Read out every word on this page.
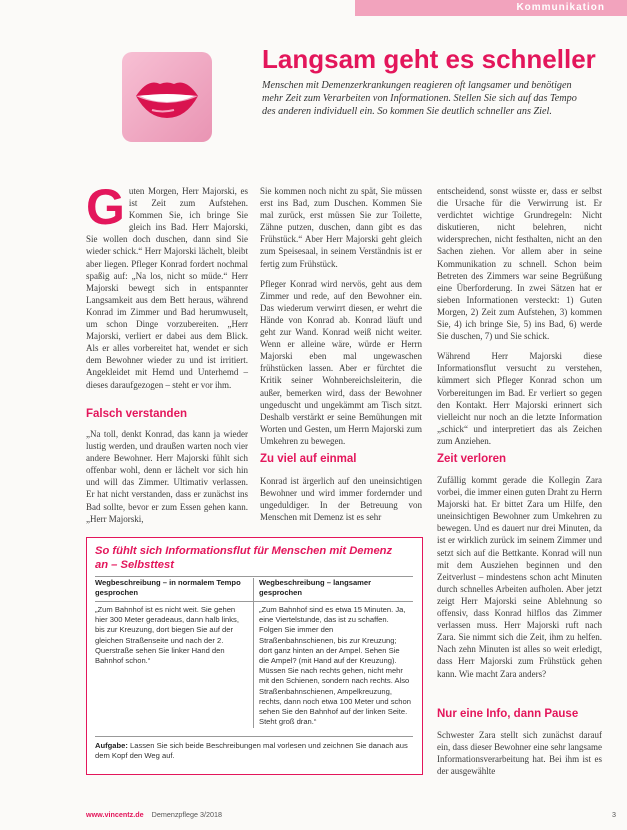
Kommunikation
Langsam geht es schneller

Menschen mit Demenzerkrankungen reagieren oft langsamer und benötigen mehr Zeit zum Verarbeiten von Informationen. Stellen Sie sich auf das Tempo des anderen individuell ein. So kommen Sie deutlich schneller ans Ziel.

G uten Morgen, Herr Majorski, es ist Zeit zum Aufstehen. Kommen Sie, ich bringe Sie gleich ins Bad. Herr Majorski, Sie wollen doch duschen, dann sind Sie wieder schick.“ Herr Majorski lächelt, bleibt aber liegen. Pfleger Konrad fordert nochmal spaßig auf: „Na los, nicht so müde.“ Herr Majorski bewegt sich in entspannter Langsamkeit aus dem Bett heraus, während Konrad im Zimmer und Bad herumwuselt, um schon Dinge vorzubereiten. „Herr Majorski, verliert er dabei aus dem Blick. Als er alles vorbereitet hat, wendet er sich dem Bewohner wieder zu und ist irritiert. Angekleidet mit Hemd und Unterhemd – dieses daraufgezogen – steht er vor ihm.

Falsch verstanden

„Na toll, denkt Konrad, das kann ja wieder lustig werden, und draußen warten noch vier andere Bewohner. Herr Majorski fühlt sich offenbar wohl, denn er lächelt vor sich hin und will das Zimmer. Ultimativ verlassen. Er hat nicht verstanden, dass er zunächst ins Bad sollte, bevor er zum Essen gehen kann. „Herr Majorski,

Sie kommen noch nicht zu spät, Sie müssen erst ins Bad, zum Duschen. Kommen Sie mal zurück, erst müssen Sie zur Toilette, Zähne putzen, duschen, dann gibt es das Frühstück.“ Aber Herr Majorski geht gleich zum Speisesaal, in seinem Verständnis ist er fertig zum Frühstück.

Pfleger Konrad wird nervös, geht aus dem Zimmer und rede, auf den Bewohner ein. Das wiederum verwirrt diesen, er wehrt die Hände von Konrad ab. Konrad läuft und geht zur Wand. Konrad weiß nicht weiter. Wenn er alleine wäre, würde er Herrn Majorski eben mal ungewaschen frühstücken lassen. Aber er fürchtet die Kritik seiner Wohnbereichsleiterin, die außer, bemerken wird, dass der Bewohner ungeduscht und ungekämmt am Tisch sitzt. Deshalb verstärkt er seine Bemühungen mit Worten und Gesten, um Herrn Majorski zum Umkehren zu bewegen.

Zu viel auf einmal

Konrad ist ärgerlich auf den uneinsichtigen Bewohner und wird immer fordernder und ungeduldiger. In der Betreuung von Menschen mit Demenz ist es sehr

entscheidend, sonst wüsste er, dass er selbst die Ursache für die Verwirrung ist. Er verdichtet wichtige Grundregeln: Nicht diskutieren, nicht belehren, nicht widersprechen, nicht festhalten, nicht an den Sachen ziehen. Vor allem aber in seine Kommunikation zu schnell. Schon beim Betreten des Zimmers war seine Begrüßung eine Überforderung. In zwei Sätzen hat er sieben Informationen versteckt: 1) Guten Morgen, 2) Zeit zum Aufstehen, 3) kommen Sie, 4) ich bringe Sie, 5) ins Bad, 6) werde Sie duschen, 7) und Sie schick.

Während Herr Majorski diese Informationsflut versucht zu verstehen, kümmert sich Pfleger Konrad schon um Vorbereitungen im Bad. Er verliert so gegen den Kontakt. Herr Majorski erinnert sich vielleicht nur noch an die letzte Information „schick“ und interpretiert das als Zeichen zum Anziehen.

Zeit verloren

Zufällig kommt gerade die Kollegin Zara vorbei, die immer einen guten Draht zu Herrn Majorski hat. Er bittet Zara um Hilfe, den uneinsichtigen Bewohner zum Umkehren zu bewegen. Und es dauert nur drei Minuten, da ist er wirklich zurück im seinem Zimmer und setzt sich auf die Bettkante. Konrad will nun mit dem Ausziehen beginnen und den Zeitverlust – mindestens schon acht Minuten durch schnelles Arbeiten aufholen. Aber jetzt zeigt Herr Majorski seine Ablehnung so offensiv, dass Konrad hilflos das Zimmer verlassen muss. Herr Majorski ruft nach Zara. Sie nimmt sich die Zeit, ihm zu helfen. Nach zehn Minuten ist alles so weit erledigt, dass Herr Majorski zum Frühstück gehen kann. Wie macht Zara anders?

Nur eine Info, dann Pause

Schwester Zara stellt sich zunächst darauf ein, dass dieser Bewohner eine sehr langsame Informationsverarbeitung hat. Bei ihm ist es der ausgewählte

So fühlt sich Informationsflut für Menschen mit Demenz an – Selbsttest

Wegbeschreibung – in normalem Tempo gesprochen

Wegbeschreibung – langsamer gesprochen

„Zum Bahnhof ist es nicht weit. Sie gehen hier 300 Meter geradeaus, dann halb links, bis zur Kreuzung, dort biegen Sie auf der gleichen Straßenseite und nach der 2. Querstraße sehen Sie linker Hand den Bahnhof schon.“

„Zum Bahnhof sind es etwa 15 Minuten. Ja, eine Viertelstunde, das ist zu schaffen. Folgen Sie immer den Straßenbahnschienen, bis zur Kreuzung; dort ganz hinten an der Ampel. Sehen Sie die Ampel? (mit Hand auf der Kreuzung). Müssen Sie nach rechts gehen, nicht mehr mit den Schienen, sondern nach rechts. Also Straßenbahnschienen, Ampelkreuzung, rechts, dann noch etwa 100 Meter und schon sehen Sie den Bahnhof auf der linken Seite. Steht groß dran.“

Aufgabe: Lassen Sie sich beide Beschreibungen mal vorlesen und zeichnen Sie danach aus dem Kopf den Weg auf.

www.vincentz.de Demenzpflege 3/2018	3
